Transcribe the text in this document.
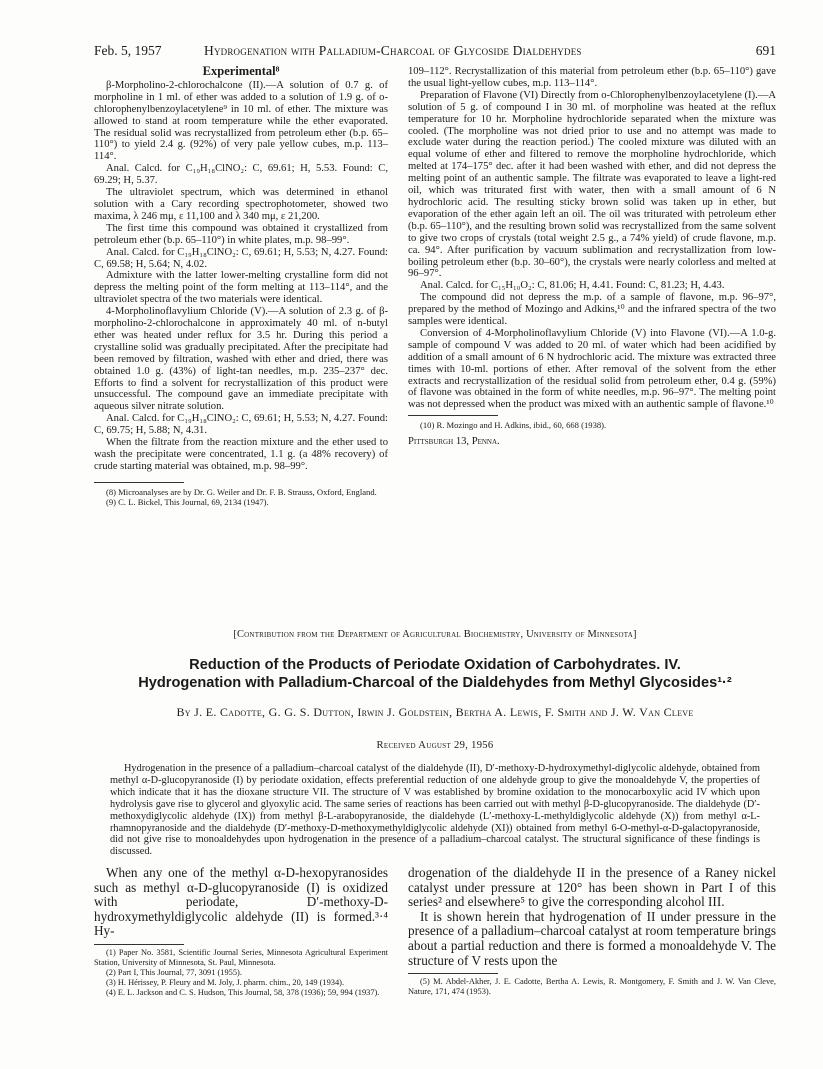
Feb. 5, 1957	Hydrogenation with Palladium-Charcoal of Glycoside Dialdehydes	691
Experimental⁸

β-Morpholino-2-chlorochalcone (II).—A solution of 0.7 g. of morpholine in 1 ml. of ether was added to a solution of 1.9 g. of o-chlorophenylbenzoylacetylene⁹ in 10 ml. of ether. The mixture was allowed to stand at room temperature while the ether evaporated. The residual solid was recrystallized from petroleum ether (b.p. 65–110°) to yield 2.4 g. (92%) of very pale yellow cubes, m.p. 113–114°.

Anal. Calcd. for C₁₉H₁₈ClNO₂: C, 69.61; H, 5.53. Found: C, 69.29; H, 5.37.

The ultraviolet spectrum, which was determined in ethanol solution with a Cary recording spectrophotometer, showed two maxima, λ 246 mμ, ε 11,100 and λ 340 mμ, ε 21,200.

The first time this compound was obtained it crystallized from petroleum ether (b.p. 65–110°) in white plates, m.p. 98–99°.

Anal. Calcd. for C₁₉H₁₈ClNO₂: C, 69.61; H, 5.53; N, 4.27. Found: C, 69.58; H, 5.64; N, 4.02.

Admixture with the latter lower-melting crystalline form did not depress the melting point of the form melting at 113–114°, and the ultraviolet spectra of the two materials were identical.

4-Morpholinoflavylium Chloride (V).—A solution of 2.3 g. of β-morpholino-2-chlorochalcone in approximately 40 ml. of n-butyl ether was heated under reflux for 3.5 hr. During this period a crystalline solid was gradually precipitated. After the precipitate had been removed by filtration, washed with ether and dried, there was obtained 1.0 g. (43%) of light-tan needles, m.p. 235–237° dec. Efforts to find a solvent for recrystallization of this product were unsuccessful. The compound gave an immediate precipitate with aqueous silver nitrate solution.

Anal. Calcd. for C₁₉H₁₈ClNO₂: C, 69.61; H, 5.53; N, 4.27. Found: C, 69.75; H, 5.88; N, 4.31.

When the filtrate from the reaction mixture and the ether used to wash the precipitate were concentrated, 1.1 g. (a 48% recovery) of crude starting material was obtained, m.p. 98–99°.

(8) Microanalyses are by Dr. G. Weiler and Dr. F. B. Strauss, Oxford, England.

(9) C. L. Bickel, This Journal, 69, 2134 (1947).

109–112°. Recrystallization of this material from petroleum ether (b.p. 65–110°) gave the usual light-yellow cubes, m.p. 113–114°.

Preparation of Flavone (VI) Directly from o-Chlorophenylbenzoylacetylene (I).—A solution of 5 g. of compound I in 30 ml. of morpholine was heated at the reflux temperature for 10 hr. Morpholine hydrochloride separated when the mixture was cooled. (The morpholine was not dried prior to use and no attempt was made to exclude water during the reaction period.) The cooled mixture was diluted with an equal volume of ether and filtered to remove the morpholine hydrochloride, which melted at 174–175° dec. after it had been washed with ether, and did not depress the melting point of an authentic sample. The filtrate was evaporated to leave a light-red oil, which was triturated first with water, then with a small amount of 6 N hydrochloric acid. The resulting sticky brown solid was taken up in ether, but evaporation of the ether again left an oil. The oil was triturated with petroleum ether (b.p. 65–110°), and the resulting brown solid was recrystallized from the same solvent to give two crops of crystals (total weight 2.5 g., a 74% yield) of crude flavone, m.p. ca. 94°. After purification by vacuum sublimation and recrystallization from low-boiling petroleum ether (b.p. 30–60°), the crystals were nearly colorless and melted at 96–97°.

Anal. Calcd. for C₁₅H₁₀O₂: C, 81.06; H, 4.41. Found: C, 81.23; H, 4.43.

The compound did not depress the m.p. of a sample of flavone, m.p. 96–97°, prepared by the method of Mozingo and Adkins,¹⁰ and the infrared spectra of the two samples were identical.

Conversion of 4-Morpholinoflavylium Chloride (V) into Flavone (VI).—A 1.0-g. sample of compound V was added to 20 ml. of water which had been acidified by addition of a small amount of 6 N hydrochloric acid. The mixture was extracted three times with 10-ml. portions of ether. After removal of the solvent from the ether extracts and recrystallization of the residual solid from petroleum ether, 0.4 g. (59%) of flavone was obtained in the form of white needles, m.p. 96–97°. The melting point was not depressed when the product was mixed with an authentic sample of flavone.¹⁰

(10) R. Mozingo and H. Adkins, ibid., 60, 668 (1938).

Pittsburgh 13, Penna.
[Contribution from the Department of Agricultural Biochemistry, University of Minnesota]
Reduction of the Products of Periodate Oxidation of Carbohydrates. IV.
Hydrogenation with Palladium-Charcoal of the Dialdehydes from Methyl Glycosides¹·²
By J. E. Cadotte, G. G. S. Dutton, Irwin J. Goldstein, Bertha A. Lewis, F. Smith and J. W. Van Cleve
Received August 29, 1956

Hydrogenation in the presence of a palladium–charcoal catalyst of the dialdehyde (II), D′-methoxy-D-hydroxymethyl-diglycolic aldehyde, obtained from methyl α-D-glucopyranoside (I) by periodate oxidation, effects preferential reduction of one aldehyde group to give the monoaldehyde V, the properties of which indicate that it has the dioxane structure VII. The structure of V was established by bromine oxidation to the monocarboxylic acid IV which upon hydrolysis gave rise to glycerol and glyoxylic acid. The same series of reactions has been carried out with methyl β-D-glucopyranoside. The dialdehyde (D′-methoxydiglycolic aldehyde (IX)) from methyl β-L-arabopyranoside, the dialdehyde (L′-methoxy-L-methyldiglycolic aldehyde (X)) from methyl α-L-rhamnopyranoside and the dialdehyde (D′-methoxy-D-methoxymethyldiglycolic aldehyde (XI)) obtained from methyl 6-O-methyl-α-D-galactopyranoside, did not give rise to monoaldehydes upon hydrogenation in the presence of a palladium–charcoal catalyst. The structural significance of these findings is discussed.

When any one of the methyl α-D-hexopyranosides such as methyl α-D-glucopyranoside (I) is oxidized with periodate, D′-methoxy-D-hydroxymethyldiglycolic aldehyde (II) is formed.³·⁴ Hy-

(1) Paper No. 3581, Scientific Journal Series, Minnesota Agricultural Experiment Station, University of Minnesota, St. Paul, Minnesota.

(2) Part I, This Journal, 77, 3091 (1955).

(3) H. Hérissey, P. Fleury and M. Joly, J. pharm. chim., 20, 149 (1934).

(4) E. L. Jackson and C. S. Hudson, This Journal, 58, 378 (1936); 59, 994 (1937).

drogenation of the dialdehyde II in the presence of a Raney nickel catalyst under pressure at 120° has been shown in Part I of this series² and elsewhere⁵ to give the corresponding alcohol III.

It is shown herein that hydrogenation of II under pressure in the presence of a palladium–charcoal catalyst at room temperature brings about a partial reduction and there is formed a monoaldehyde V. The structure of V rests upon the

(5) M. Abdel-Akher, J. E. Cadotte, Bertha A. Lewis, R. Montgomery, F. Smith and J. W. Van Cleve, Nature, 171, 474 (1953).
